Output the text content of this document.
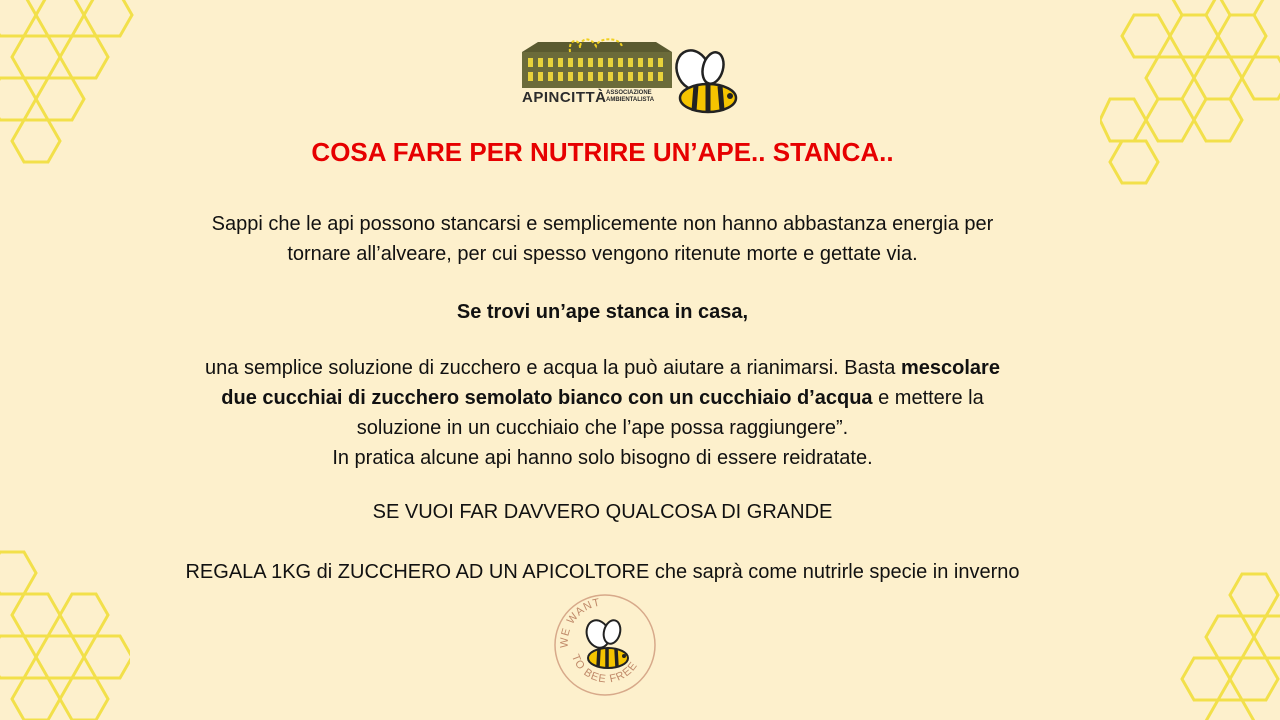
APINCITTÀ ASSOCIAZIONE
AMBIENTALISTA
COSA FARE PER NUTRIRE UN’APE.. STANCA..
Sappi che le api possono stancarsi e semplicemente non hanno abbastanza energia per
tornare all’alveare, per cui spesso vengono ritenute morte e gettate via.
Se trovi un’ape stanca in casa,
una semplice soluzione di zucchero e acqua la può aiutare a rianimarsi. Basta mescolare
due cucchiai di zucchero semolato bianco con un cucchiaio d’acqua e mettere la
soluzione in un cucchiaio che l’ape possa raggiungere”.
In pratica alcune api hanno solo bisogno di essere reidratate.
SE VUOI FAR DAVVERO QUALCOSA DI GRANDE
REGALA 1KG di ZUCCHERO AD UN APICOLTORE che saprà come nutrirle specie in inverno
WE WANT
TO BEE FREE
